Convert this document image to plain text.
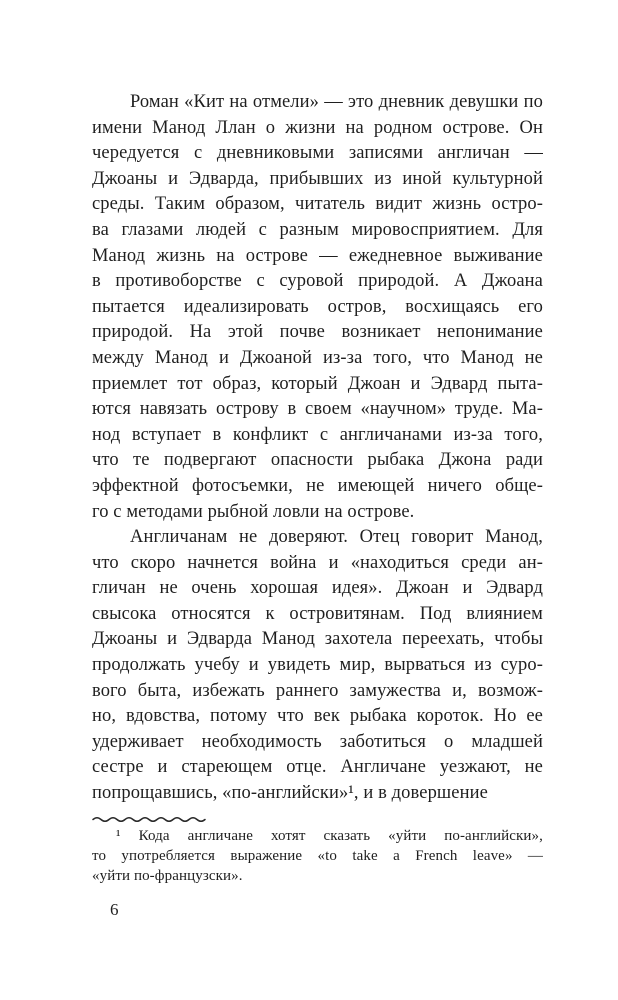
Роман «Кит на отмели» — это дневник девушки по
имени Манод Ллан о жизни на родном острове. Он
чередуется с дневниковыми записями англичан —
Джоаны и Эдварда, прибывших из иной культурной
среды. Таким образом, читатель видит жизнь остро-
ва глазами людей с разным мировосприятием. Для
Манод жизнь на острове — ежедневное выживание
в противоборстве с суровой природой. А Джоана
пытается идеализировать остров, восхищаясь его
природой. На этой почве возникает непонимание
между Манод и Джоаной из-за того, что Манод не
приемлет тот образ, который Джоан и Эдвард пыта-
ются навязать острову в своем «научном» труде. Ма-
нод вступает в конфликт с англичанами из-за того,
что те подвергают опасности рыбака Джона ради
эффектной фотосъемки, не имеющей ничего обще-
го с методами рыбной ловли на острове.
Англичанам не доверяют. Отец говорит Манод,
что скоро начнется война и «находиться среди ан-
гличан не очень хорошая идея». Джоан и Эдвард
свысока относятся к островитянам. Под влиянием
Джоаны и Эдварда Манод захотела переехать, чтобы
продолжать учебу и увидеть мир, вырваться из суро-
вого быта, избежать раннего замужества и, возмож-
но, вдовства, потому что век рыбака короток. Но ее
удерживает необходимость заботиться о младшей
сестре и стареющем отце. Англичане уезжают, не
попрощавшись, «по-английски»¹, и в довершение
¹ Кода англичане хотят сказать «уйти по-английски»,
то употребляется выражение «to take a French leave» —
«уйти по-французски».
6
